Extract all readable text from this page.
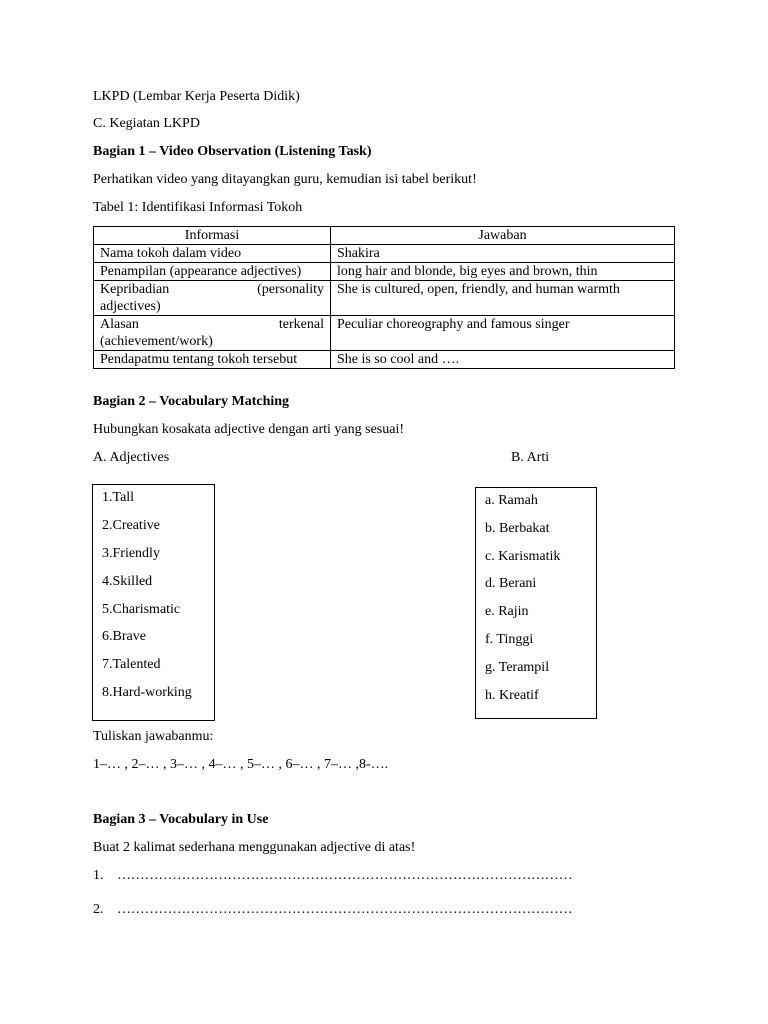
LKPD (Lembar Kerja Peserta Didik)
C. Kegiatan LKPD
Bagian 1 – Video Observation (Listening Task)
Perhatikan video yang ditayangkan guru, kemudian isi tabel berikut!
Tabel 1: Identifikasi Informasi Tokoh
Informasi	Jawaban
Nama tokoh dalam video	Shakira
Penampilan (appearance adjectives)	long hair and blonde, big eyes and brown, thin

Kepribadian (personality
adjectives)	She is cultured, open, friendly, and human warmth

Alasan terkenal
(achievement/work)	Peculiar choreography and famous singer
Pendapatmu tentang tokoh tersebut	She is so cool and ….
Bagian 2 – Vocabulary Matching
Hubungkan kosakata adjective dengan arti yang sesuai!
A. Adjectives	B. Arti
1.Tall
2.Creative
3.Friendly
4.Skilled
5.Charismatic
6.Brave
7.Talented
8.Hard-working
a. Ramah
b. Berbakat
c. Karismatik
d. Berani
e. Rajin
f. Tinggi
g. Terampil
h. Kreatif
Tuliskan jawabanmu:
1–… , 2–… , 3–… , 4–… , 5–… , 6–… , 7–… ,8-….
Bagian 3 – Vocabulary in Use
Buat 2 kalimat sederhana menggunakan adjective di atas!
1. ………………………………………………………………………………………
2. ………………………………………………………………………………………
